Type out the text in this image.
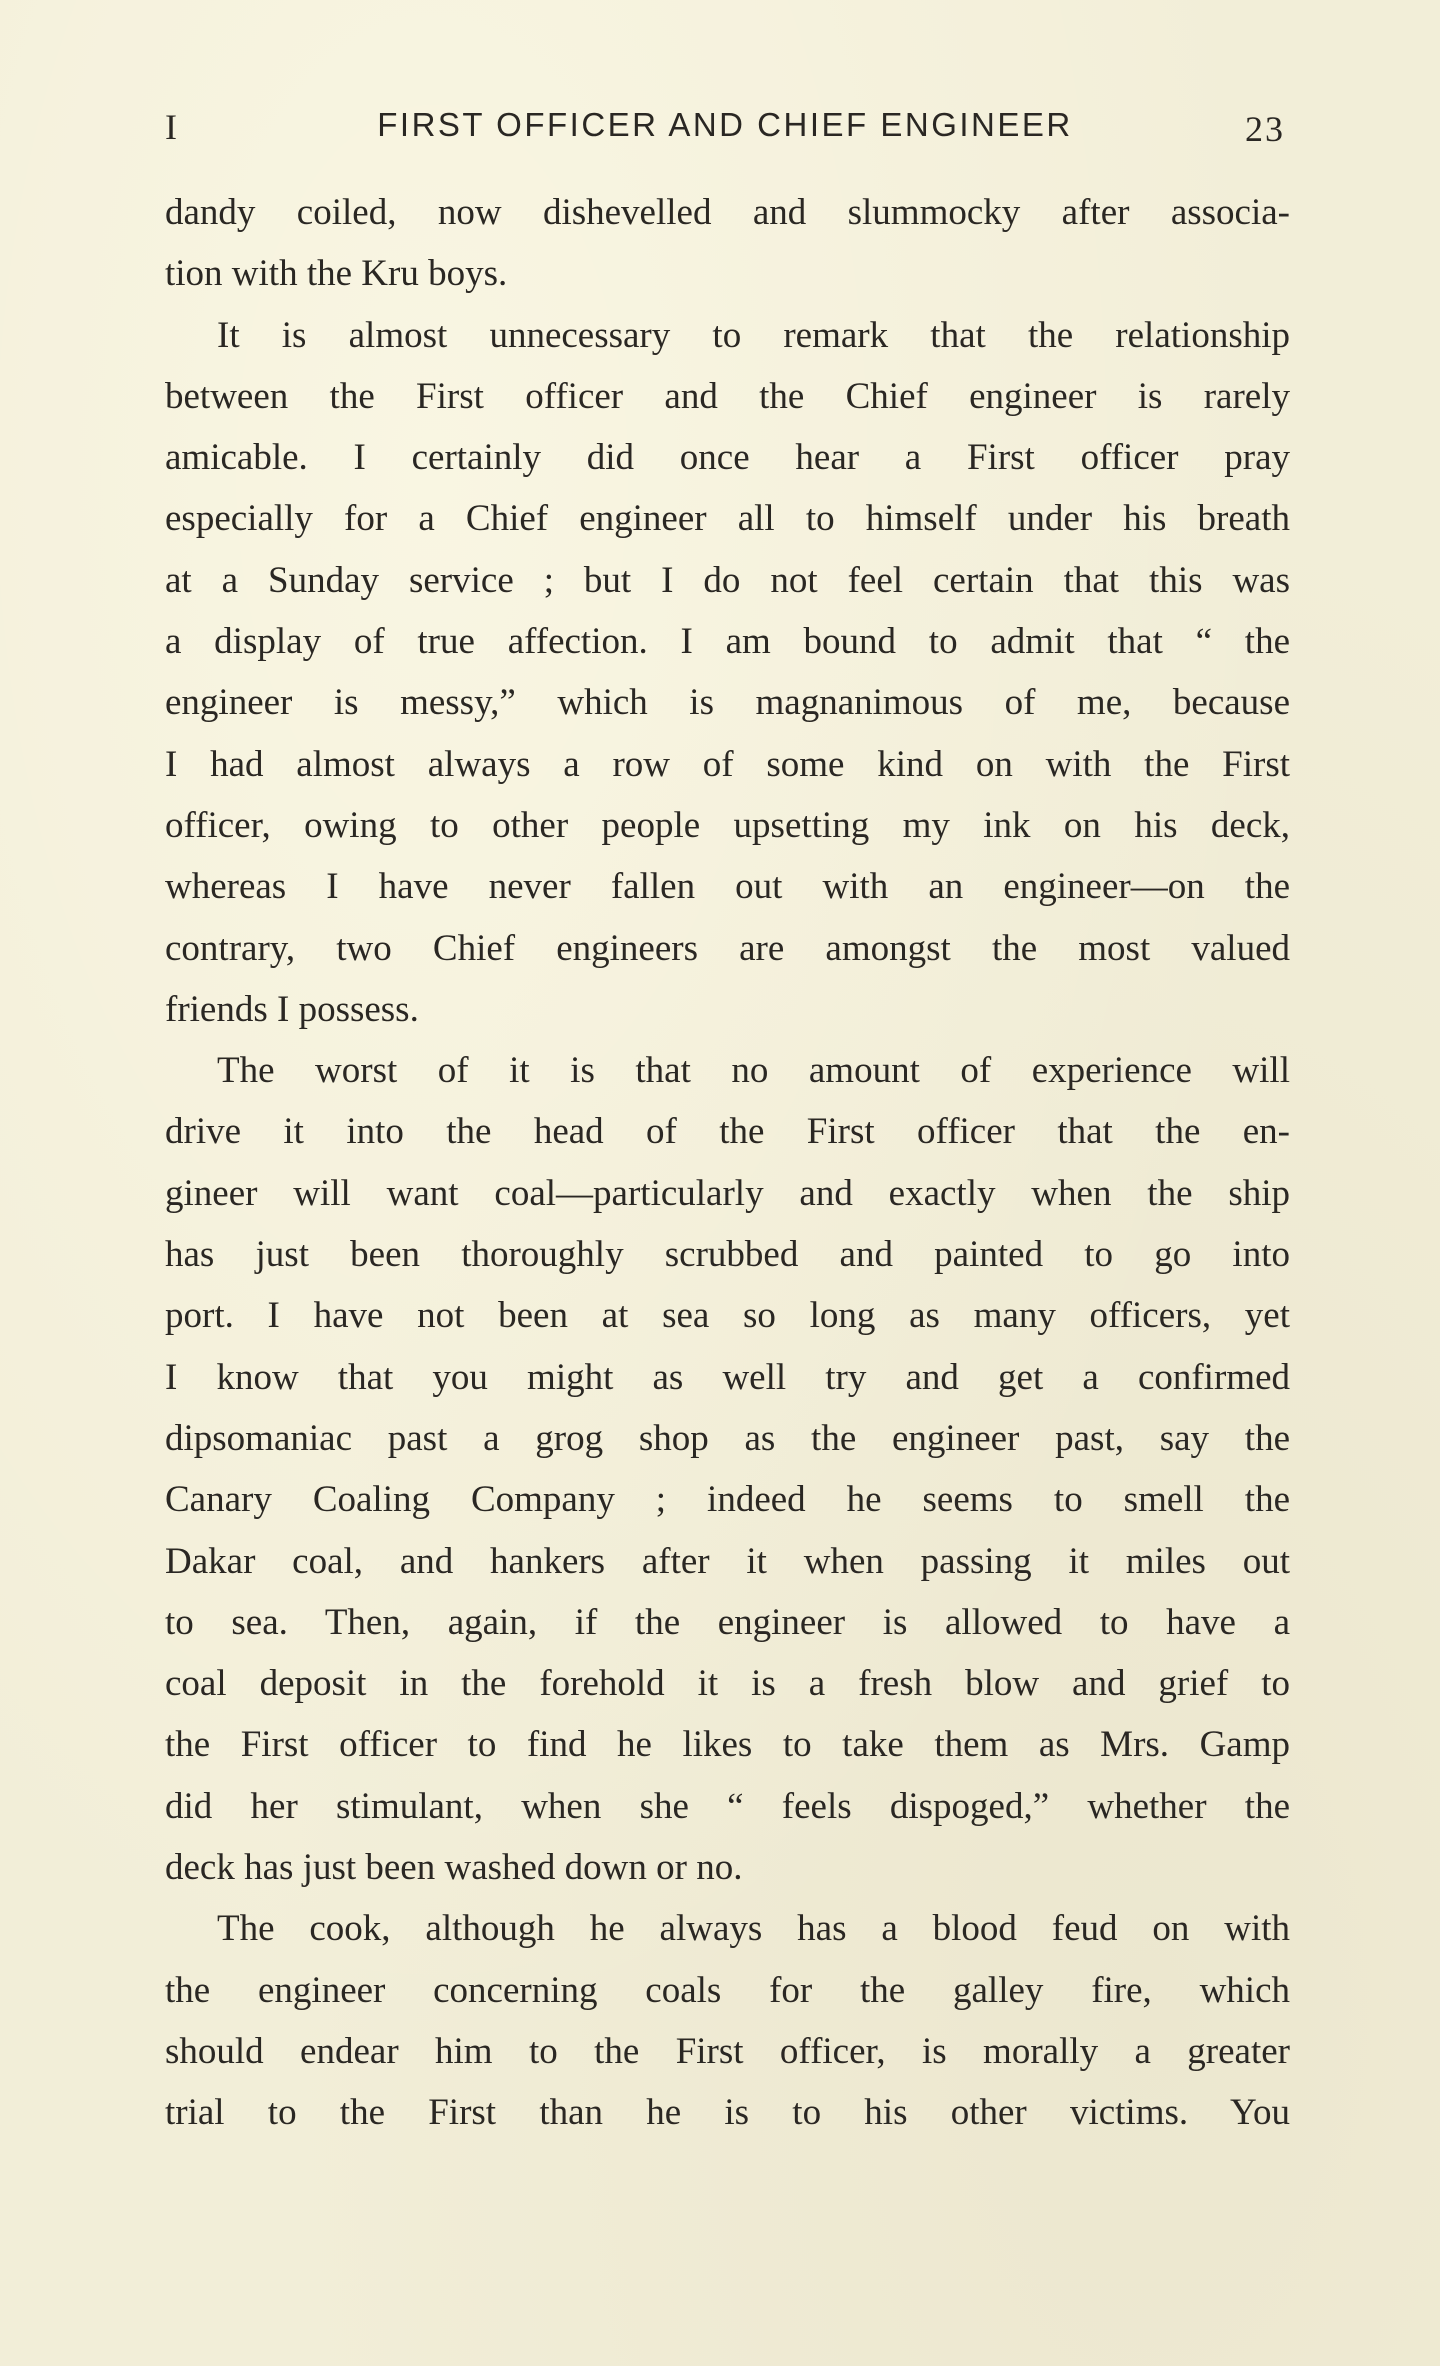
I	FIRST OFFICER AND CHIEF ENGINEER	23
dandy coiled, now dishevelled and slummocky after associa-
tion with the Kru boys.
It is almost unnecessary to remark that the relationship
between the First officer and the Chief engineer is rarely
amicable. I certainly did once hear a First officer pray
especially for a Chief engineer all to himself under his breath
at a Sunday service ; but I do not feel certain that this was
a display of true affection. I am bound to admit that “ the
engineer is messy,” which is magnanimous of me, because
I had almost always a row of some kind on with the First
officer, owing to other people upsetting my ink on his deck,
whereas I have never fallen out with an engineer—on the
contrary, two Chief engineers are amongst the most valued
friends I possess.
The worst of it is that no amount of experience will
drive it into the head of the First officer that the en-
gineer will want coal—particularly and exactly when the ship
has just been thoroughly scrubbed and painted to go into
port. I have not been at sea so long as many officers, yet
I know that you might as well try and get a confirmed
dipsomaniac past a grog shop as the engineer past, say the
Canary Coaling Company ; indeed he seems to smell the
Dakar coal, and hankers after it when passing it miles out
to sea. Then, again, if the engineer is allowed to have a
coal deposit in the forehold it is a fresh blow and grief to
the First officer to find he likes to take them as Mrs. Gamp
did her stimulant, when she “ feels dispoged,” whether the
deck has just been washed down or no.
The cook, although he always has a blood feud on with
the engineer concerning coals for the galley fire, which
should endear him to the First officer, is morally a greater
trial to the First than he is to his other victims. You
